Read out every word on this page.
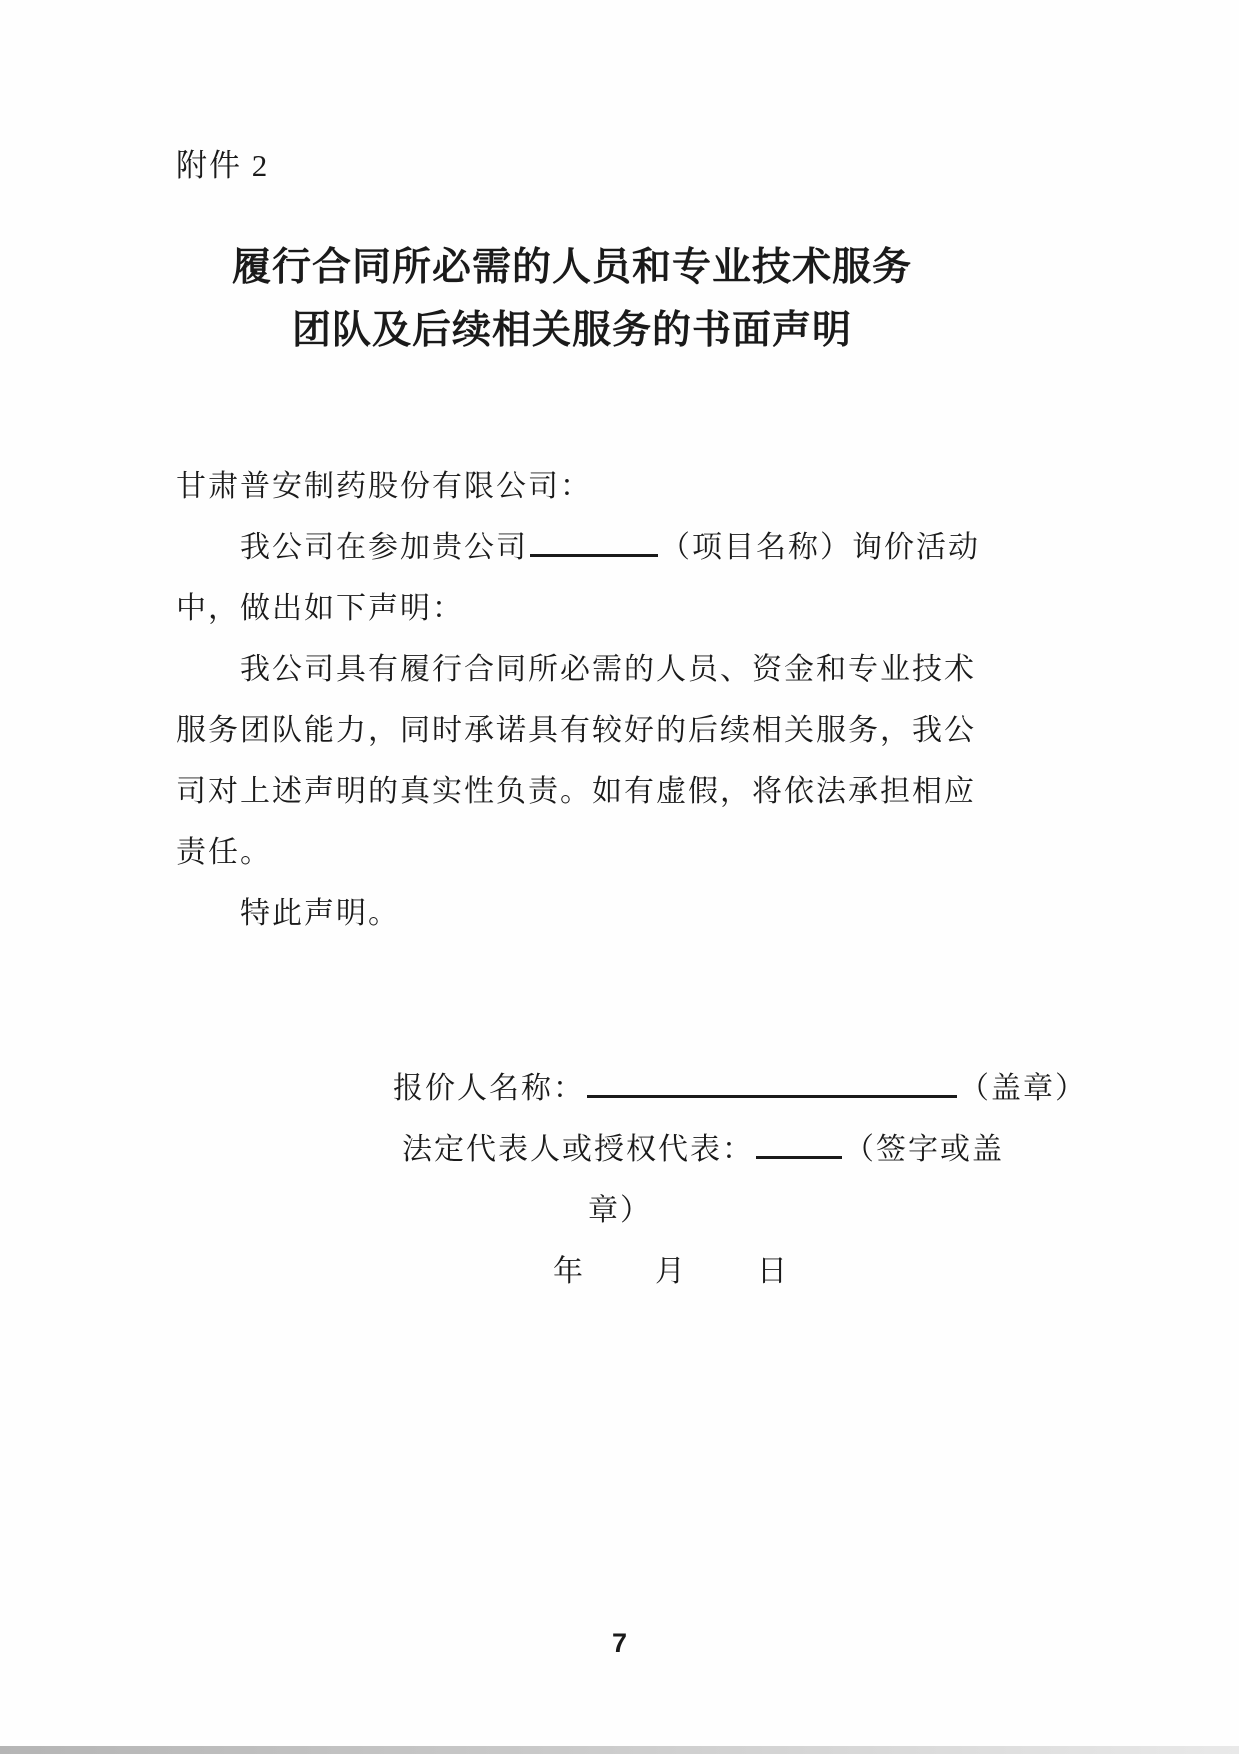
附件 2
履行合同所必需的人员和专业技术服务
团队及后续相关服务的书面声明
甘肃普安制药股份有限公司：
我公司在参加贵公司	（项目名称）询价活动
中，做出如下声明：
我公司具有履行合同所必需的人员、资金和专业技术
服务团队能力，同时承诺具有较好的后续相关服务，我公
司对上述声明的真实性负责。如有虚假，将依法承担相应
责任。
特此声明。
报价人名称：	（盖章）
法定代表人或授权代表：	（签字或盖
章）
年 月 日
7
